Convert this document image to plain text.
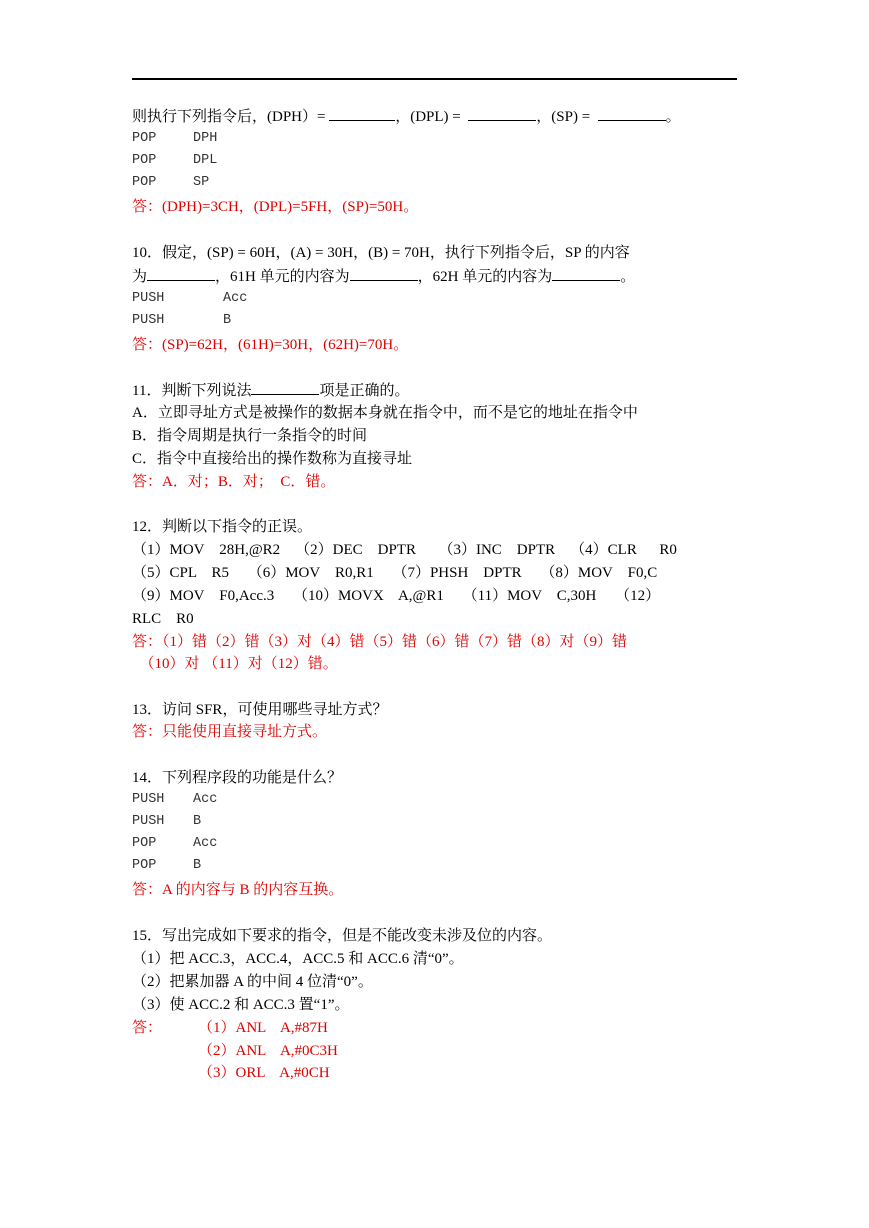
则执行下列指令后，(DPH）=	，(DPL) =	，(SP) =	。
POP	DPH
POP	DPL
POP	SP
答：(DPH)=3CH，(DPL)=5FH，(SP)=50H。
10．假定，(SP) = 60H，(A) = 30H，(B) = 70H，执行下列指令后，SP 的内容
为	，61H 单元的内容为	，62H 单元的内容为	。
PUSH	Acc
PUSH	B
答：(SP)=62H，(61H)=30H，(62H)=70H。
11．判断下列说法	项是正确的。
A．立即寻址方式是被操作的数据本身就在指令中，而不是它的地址在指令中
B．指令周期是执行一条指令的时间
C．指令中直接给出的操作数称为直接寻址
答：A．对；B．对；  C．错。
12．判断以下指令的正误。
（1）MOV    28H,@R2    （2）DEC    DPTR      （3）INC    DPTR    （4）CLR      R0
（5）CPL    R5     （6）MOV    R0,R1     （7）PHSH    DPTR     （8）MOV    F0,C
（9）MOV    F0,Acc.3     （10）MOVX    A,@R1     （11）MOV    C,30H     （12）
RLC    R0
答：（1）错（2）错（3）对（4）错（5）错（6）错（7）错（8）对（9）错
（10）对 （11）对（12）错。
13．访问 SFR，可使用哪些寻址方式？
答：只能使用直接寻址方式。
14．下列程序段的功能是什么？
PUSH Acc
PUSH B
POP	Acc
POP	B
答：A 的内容与 B 的内容互换。
15．写出完成如下要求的指令，但是不能改变未涉及位的内容。
（1）把 ACC.3，ACC.4，ACC.5 和 ACC.6 清“0”。
（2）把累加器 A 的中间 4 位清“0”。
（3）使 ACC.2 和 ACC.3 置“1”。
答： （1）ANL    A,#87H
（2）ANL    A,#0C3H
（3）ORL    A,#0CH
